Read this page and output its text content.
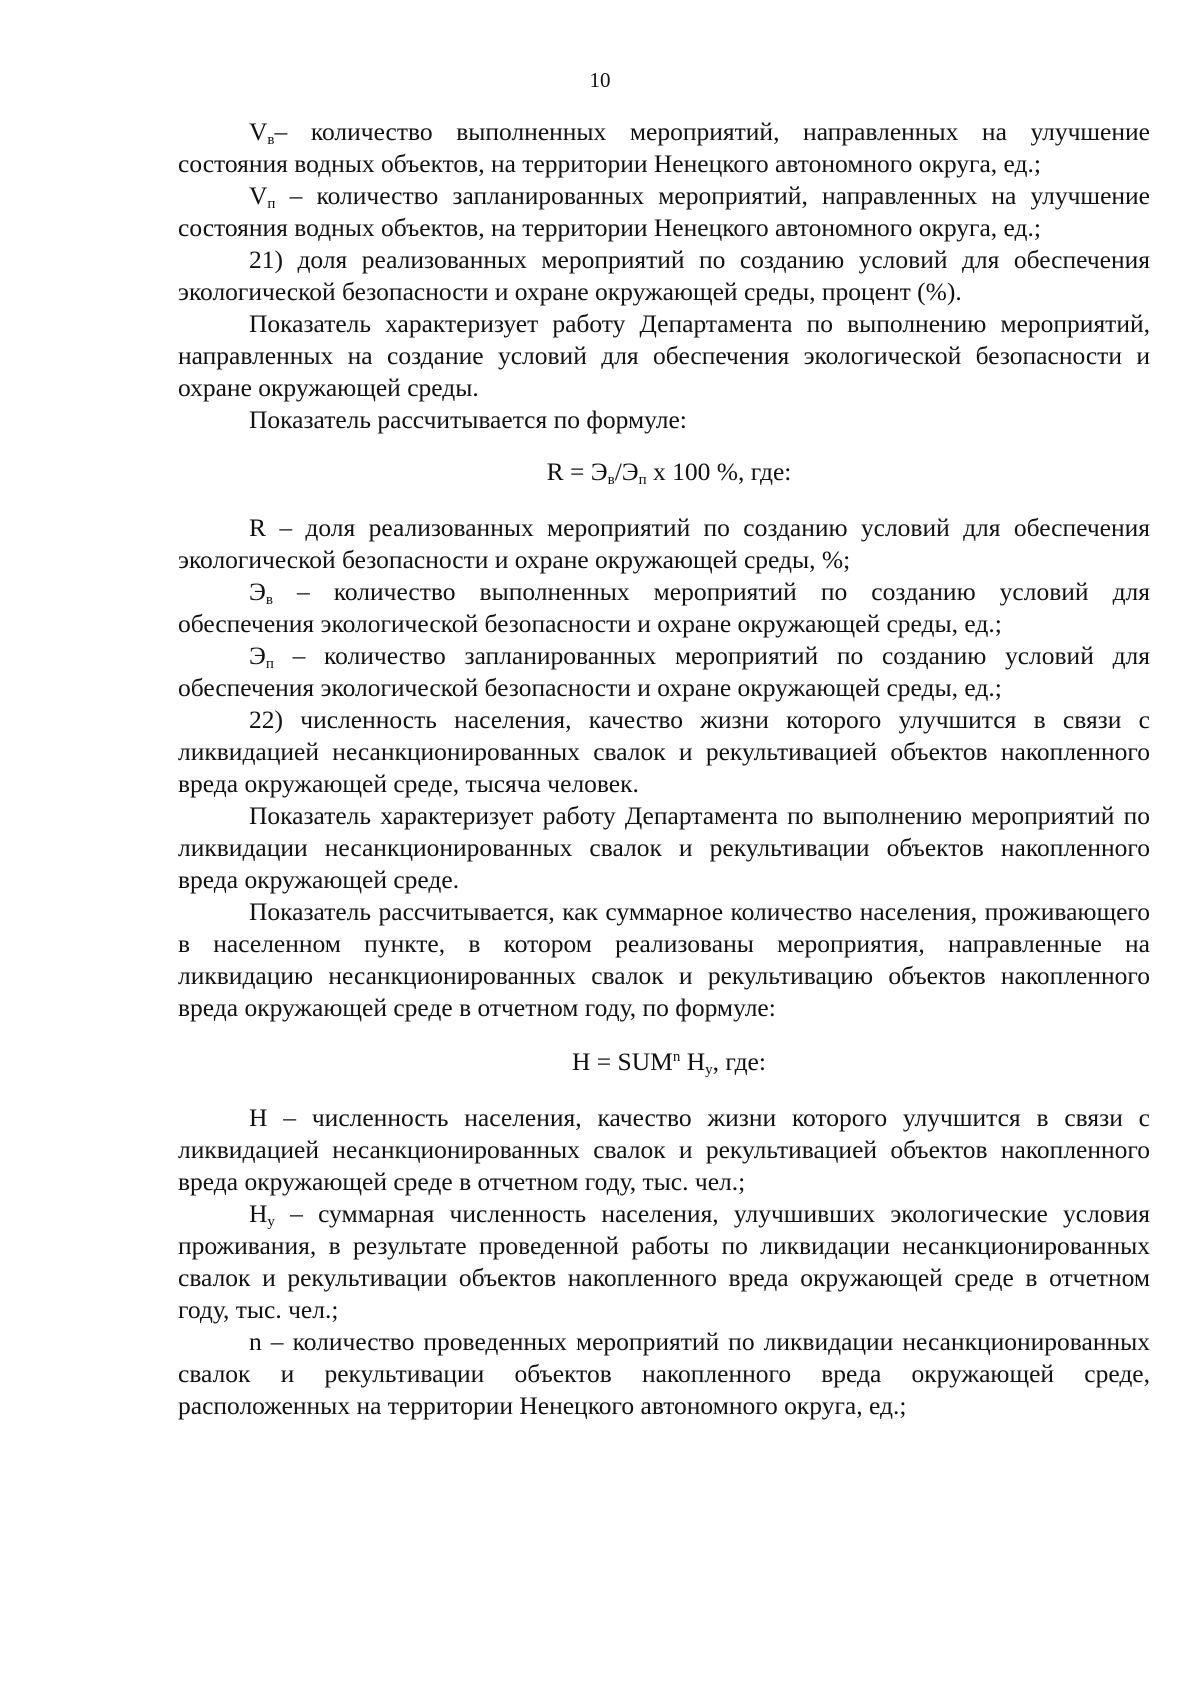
10

$V_в-$ количество выполненных мероприятий, направленных на улучшение состояния водных объектов, на территории Ненецкого автономного округа, ед.;

$V_п$ – количество запланированных мероприятий, направленных на улучшение состояния водных объектов, на территории Ненецкого автономного округа, ед.;

21) доля реализованных мероприятий по созданию условий для обеспечения экологической безопасности и охране окружающей среды, процент (%).

Показатель характеризует работу Департамента по выполнению мероприятий, направленных на создание условий для обеспечения экологической безопасности и охране окружающей среды.

Показатель рассчитывается по формуле:

$R = Э_в/Э_п$ x 100 %, где:

R – доля реализованных мероприятий по созданию условий для обеспечения экологической безопасности и охране окружающей среды, %;

$Э_в$ – количество выполненных мероприятий по созданию условий для обеспечения экологической безопасности и охране окружающей среды, ед.;

$Э_п$ – количество запланированных мероприятий по созданию условий для обеспечения экологической безопасности и охране окружающей среды, ед.;

22) численность населения, качество жизни которого улучшится в связи с ликвидацией несанкционированных свалок и рекультивацией объектов накопленного вреда окружающей среде, тысяча человек.

Показатель характеризует работу Департамента по выполнению мероприятий по ликвидации несанкционированных свалок и рекультивации объектов накопленного вреда окружающей среде.

Показатель рассчитывается, как суммарное количество населения, проживающего в населенном пункте, в котором реализованы мероприятия, направленные на ликвидацию несанкционированных свалок и рекультивацию объектов накопленного вреда окружающей среде в отчетном году, по формуле:

$Н = SUM^n$ $Н_у$, где:

Н – численность населения, качество жизни которого улучшится в связи с ликвидацией несанкционированных свалок и рекультивацией объектов накопленного вреда окружающей среде в отчетном году, тыс. чел.;

$Н_у$ – суммарная численность населения, улучшивших экологические условия проживания, в результате проведенной работы по ликвидации несанкционированных свалок и рекультивации объектов накопленного вреда окружающей среде в отчетном году, тыс. чел.;

n – количество проведенных мероприятий по ликвидации несанкционированных свалок и рекультивации объектов накопленного вреда окружающей среде, расположенных на территории Ненецкого автономного округа, ед.;
